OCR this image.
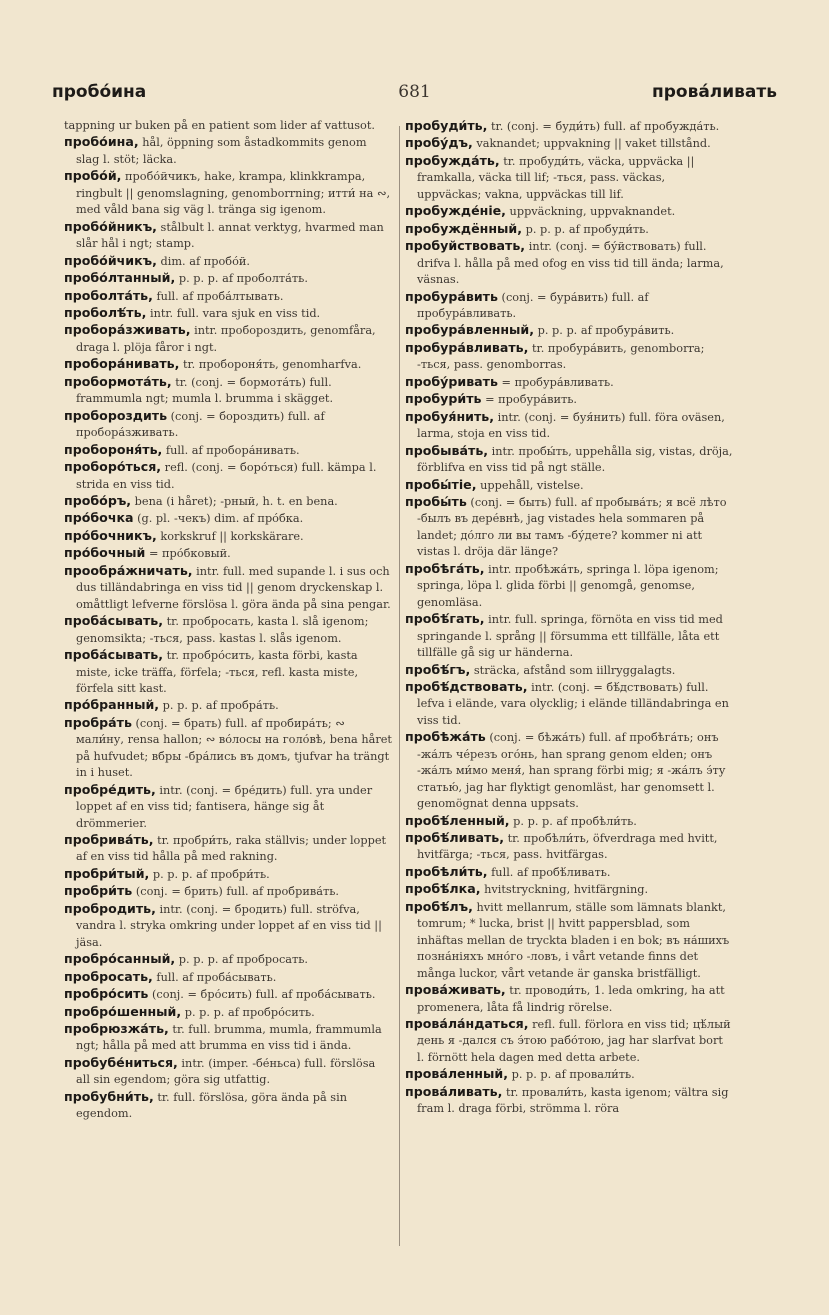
пробо́ина	681	прова́ливать

tappning ur buken på en patient som lider af vattusot.

пробо́ина, hål, öppning som åstadkommits genom slag l. stöt; läcka.

пробо́й, пробо́йчикъ, hake, krampa, klinkkrampa, ringbult || genomslagning, genomborrning; итти́ на ∾, med våld bana sig väg l. tränga sig igenom.

пробо́йникъ, stålbult l. annat verktyg, hvarmed man slår hål i ngt; stamp.

пробо́йчикъ, dim. af пробо́й.

пробо́лтанный, p. p. p. af проболта́ть.

проболта́ть, full. af проба́лтывать.

проболѣ́ть, intr. full. vara sjuk en viss tid.

пробора́зживать, intr. пробороздить, genomfåra, draga l. plöja fåror i ngt.

пробора́нивать, tr. пробороня́ть, genomharfva.

пробормота́ть, tr. (conj. = бормота́ть) full. frammumla ngt; mumla l. brumma i skägget.

пробороздить (conj. = бороздить) full. af пробора́зживать.

пробороня́ть, full. af пробора́нивать.

проборо́ться, refl. (conj. = боро́ться) full. kämpa l. strida en viss tid.

пробо́ръ, bena (i håret); -рный, h. t. en bena.

про́бочка (g. pl. -чекъ) dim. af про́бка.

про́бочникъ, korkskruf || korkskärare.

про́бочный = про́бковый.

прообра́жничать, intr. full. med supande l. i sus och dus tilländabringa en viss tid || genom dryckenskap l. omåttligt lefverne förslösa l. göra ända på sina pengar.

проба́сывать, tr. пробросать, kasta l. slå igenom; genomsikta; -ться, pass. kastas l. slås igenom.

проба́сывать, tr. пробро́сить, kasta förbi, kasta miste, icke träffa, förfela; -ться, refl. kasta miste, förfela sitt kast.

про́бранный, p. p. p. af пробра́ть.

пробра́ть (conj. = брать) full. af пробира́ть; ∾ мали́ну, rensa hallon; ∾ во́лосы на голо́вѣ, bena håret på hufvudet; вбры -бра́лись въ домъ, tjufvar ha trängt in i huset.

пробре́дить, intr. (conj. = бре́дить) full. yra under loppet af en viss tid; fantisera, hänge sig åt drömmerier.

пробрива́ть, tr. пробри́ть, raka ställvis; under loppet af en viss tid hålla på med rakning.

пробри́тый, p. p. p. af пробри́ть.

пробри́ть (conj. = брить) full. af пробрива́ть.

пробродить, intr. (conj. = бродить) full. ströfva, vandra l. stryka omkring under loppet af en viss tid || jäsa.

пробро́санный, p. p. p. af пробросать.

пробросать, full. af проба́сывать.

пробро́сить (conj. = бро́сить) full. af проба́сывать.

пробро́шенный, p. p. p. af пробро́сить.

пробрюзжа́ть, tr. full. brumma, mumla, frammumla ngt; hålla på med att brumma en viss tid i ända.

пробубе́ниться, intr. (imper. -бе́ньса) full. förslösa all sin egendom; göra sig utfattig.

пробубни́ть, tr. full. förslösa, göra ända på sin egendom.

пробуди́ть, tr. (conj. = буди́ть) full. af пробужда́ть.

пробу́дъ, vaknandet; uppvakning || vaket tillstånd.

пробужда́ть, tr. пробуди́ть, väcka, uppväcka || framkalla, väcka till lif; -ться, pass. väckas, uppväckas; vakna, uppväckas till lif.

пробужде́ніе, uppväckning, uppvaknandet.

пробуждённый, p. p. p. af пробуди́ть.

пробуйствовать, intr. (conj. = бу́йствовать) full. drifva l. hålla på med ofog en viss tid till ända; larma, väsnas.

пробура́вить (conj. = бура́вить) full. af пробура́вливать.

пробура́вленный, p. p. p. af пробура́вить.

пробура́вливать, tr. пробура́вить, genomborra; -ться, pass. genomborras.

пробу́ривать = пробура́вливать.

пробури́ть = пробура́вить.

пробуя́нить, intr. (conj. = буя́нить) full. föra oväsen, larma, stoja en viss tid.

пробыва́ть, intr. пробы́ть, uppehålla sig, vistas, dröja, förblifva en viss tid på ngt ställe.

пробы́тіе, uppehåll, vistelse.

пробы́ть (conj. = быть) full. af пробыва́ть; я всё лѣто -былъ въ дере́внѣ, jag vistades hela sommaren på landet; до́лго ли вы тамъ -бу́дете? kommer ni att vistas l. dröja där länge?

пробѣга́ть, intr. пробѣжа́ть, springa l. löpa igenom; springa, löpa l. glida förbi || genomgå, genomse, genomläsa.

пробѣ́гать, intr. full. springa, förnöta en viss tid med springande l. språng || försumma ett tillfälle, låta ett tillfälle gå sig ur händerna.

пробѣ́гъ, sträcka, afstånd som iillryggalagts.

пробѣ́дствовать, intr. (conj. = бѣ́дствовать) full. lefva i elände, vara olycklig; i elände tilländabringa en viss tid.

пробѣжа́ть (conj. = бѣжа́ть) full. af пробѣга́ть; онъ -жа́лъ че́резъ ого́нь, han sprang genom elden; онъ -жа́лъ ми́мо меня́, han sprang förbi mig; я -жа́лъ э́ту статью́, jag har flyktigt genomläst, har genomsett l. genomögnat denna uppsats.

пробѣ́ленный, p. p. p. af пробѣли́ть.

пробѣ́ливать, tr. пробѣли́ть, öfverdraga med hvitt, hvitfärga; -ться, pass. hvitfärgas.

пробѣли́ть, full. af пробѣ́ливать.

пробѣ́лка, hvitstryckning, hvitfärgning.

пробѣ́лъ, hvitt mellanrum, ställe som lämnats blankt, tomrum; * lucka, brist || hvitt pappersblad, som inhäftas mellan de tryckta bladen i en bok; въ на́шихъ позна́ніяхъ мно́го -ловъ, i vårt vetande finns det många luckor, vårt vetande är ganska bristfälligt.

прова́живать, tr. проводи́ть, 1. leda omkring, ha att promenera, låta få lindrig rörelse.

прова́ла́ндаться, refl. full. förlora en viss tid; цѣ́лый день я -дался съ э́тою рабо́тою, jag har slarfvat bort l. förnött hela dagen med detta arbete.

прова́ленный, p. p. p. af провали́ть.

прова́ливать, tr. провали́ть, kasta igenom; vältra sig fram l. draga förbi, strömma l. röra
